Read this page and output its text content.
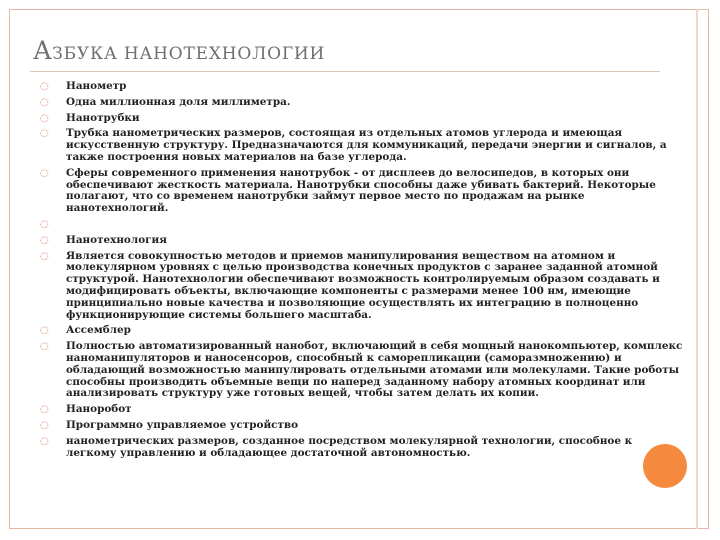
АЗБУКА НАНОТЕХНОЛОГИИ
◌ Нанометр
◌ Одна миллионная доля миллиметра.
◌ Нанотрубки
◌ Трубка нанометрических размеров, состоящая из отдельных атомов углерода и имеющая искусственную структуру. Предназначаются для коммуникаций, передачи энергии и сигналов, а также построения новых материалов на базе углерода.
◌ Сферы современного применения нанотрубок - от дисплеев до велосипедов, в которых они обеспечивают жесткость материала. Нанотрубки способны даже убивать бактерий. Некоторые полагают, что со временем нанотрубки займут первое место по продажам на рынке нанотехнологий.
◌
◌ Нанотехнология
◌ Является совокупностью методов и приемов манипулирования веществом на атомном и молекулярном уровнях с целью производства конечных продуктов с заранее заданной атомной структурой. Нанотехнологии обеспечивают возможность контролируемым образом создавать и модифицировать объекты, включающие компоненты с размерами менее 100 нм, имеющие принципиально новые качества и позволяющие осуществлять их интеграцию в полноценно функционирующие системы большего масштаба.
◌ Ассемблер
◌ Полностью автоматизированный нанобот, включающий в себя мощный нанокомпьютер, комплекс наноманипуляторов и наносенсоров, способный к саморепликации (саморазмножению) и обладающий возможностью манипулировать отдельными атомами или молекулами. Такие роботы способны производить объемные вещи по наперед заданному набору атомных координат или анализировать структуру уже готовых вещей, чтобы затем делать их копии.
◌ Наноробот
◌ Программно управляемое устройство
◌ нанометрических размеров, созданное посредством молекулярной технологии, способное к легкому управлению и обладающее достаточной автономностью.
